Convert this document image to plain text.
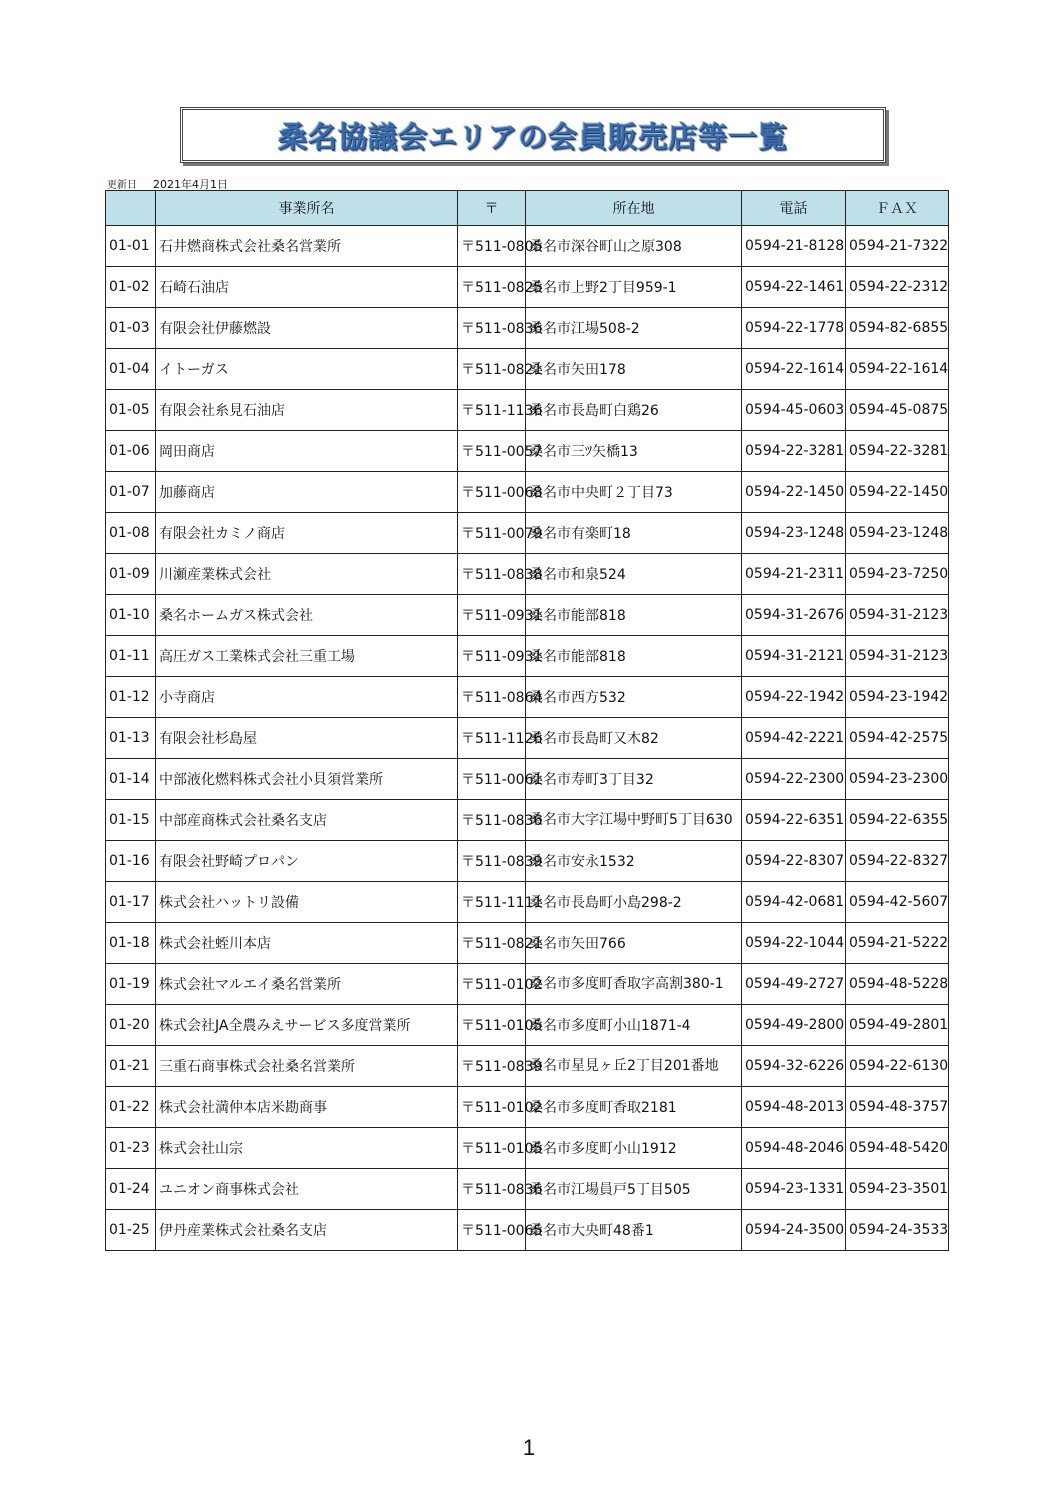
桑名協議会エリアの会員販売店等一覧
更新日 2021年4月1日
	事業所名	〒	所在地	電話	ＦＡＸ
01-01	石井燃商株式会社桑名営業所	〒511-0805	桑名市深谷町山之原308	0594-21-8128	0594-21-7322
01-02	石崎石油店	〒511-0825	桑名市上野2丁目959-1	0594-22-1461	0594-22-2312
01-03	有限会社伊藤燃設	〒511-0836	桑名市江場508-2	0594-22-1778	0594-82-6855
01-04	イトーガス	〒511-0821	桑名市矢田178	0594-22-1614	0594-22-1614
01-05	有限会社糸見石油店	〒511-1136	桑名市長島町白鶏26	0594-45-0603	0594-45-0875
01-06	岡田商店	〒511-0057	桑名市三ﾂ矢橋13	0594-22-3281	0594-22-3281
01-07	加藤商店	〒511-0068	桑名市中央町２丁目73	0594-22-1450	0594-22-1450
01-08	有限会社カミノ商店	〒511-0079	桑名市有楽町18	0594-23-1248	0594-23-1248
01-09	川瀬産業株式会社	〒511-0838	桑名市和泉524	0594-21-2311	0594-23-7250
01-10	桑名ホームガス株式会社	〒511-0931	桑名市能部818	0594-31-2676	0594-31-2123
01-11	高圧ガス工業株式会社三重工場	〒511-0931	桑名市能部818	0594-31-2121	0594-31-2123
01-12	小寺商店	〒511-0864	桑名市西方532	0594-22-1942	0594-23-1942
01-13	有限会社杉島屋	〒511-1126	桑名市長島町又木82	0594-42-2221	0594-42-2575
01-14	中部液化燃料株式会社小貝須営業所	〒511-0061	桑名市寿町3丁目32	0594-22-2300	0594-23-2300
01-15	中部産商株式会社桑名支店	〒511-0836	桑名市大字江場中野町5丁目630	0594-22-6351	0594-22-6355
01-16	有限会社野崎プロパン	〒511-0839	桑名市安永1532	0594-22-8307	0594-22-8327
01-17	株式会社ハットリ設備	〒511-1111	桑名市長島町小島298-2	0594-42-0681	0594-42-5607
01-18	株式会社蛭川本店	〒511-0821	桑名市矢田766	0594-22-1044	0594-21-5222
01-19	株式会社マルエイ桑名営業所	〒511-0102	桑名市多度町香取字高割380-1	0594-49-2727	0594-48-5228
01-20	株式会社JA全農みえサービス多度営業所	〒511-0105	桑名市多度町小山1871-4	0594-49-2800	0594-49-2801
01-21	三重石商事株式会社桑名営業所	〒511-0839	桑名市星見ヶ丘2丁目201番地	0594-32-6226	0594-22-6130
01-22	株式会社満仲本店米勘商事	〒511-0102	桑名市多度町香取2181	0594-48-2013	0594-48-3757
01-23	株式会社山宗	〒511-0105	桑名市多度町小山1912	0594-48-2046	0594-48-5420
01-24	ユニオン商事株式会社	〒511-0836	桑名市江場員戸5丁目505	0594-23-1331	0594-23-3501
01-25	伊丹産業株式会社桑名支店	〒511-0065	桑名市大央町48番1	0594-24-3500	0594-24-3533
1
